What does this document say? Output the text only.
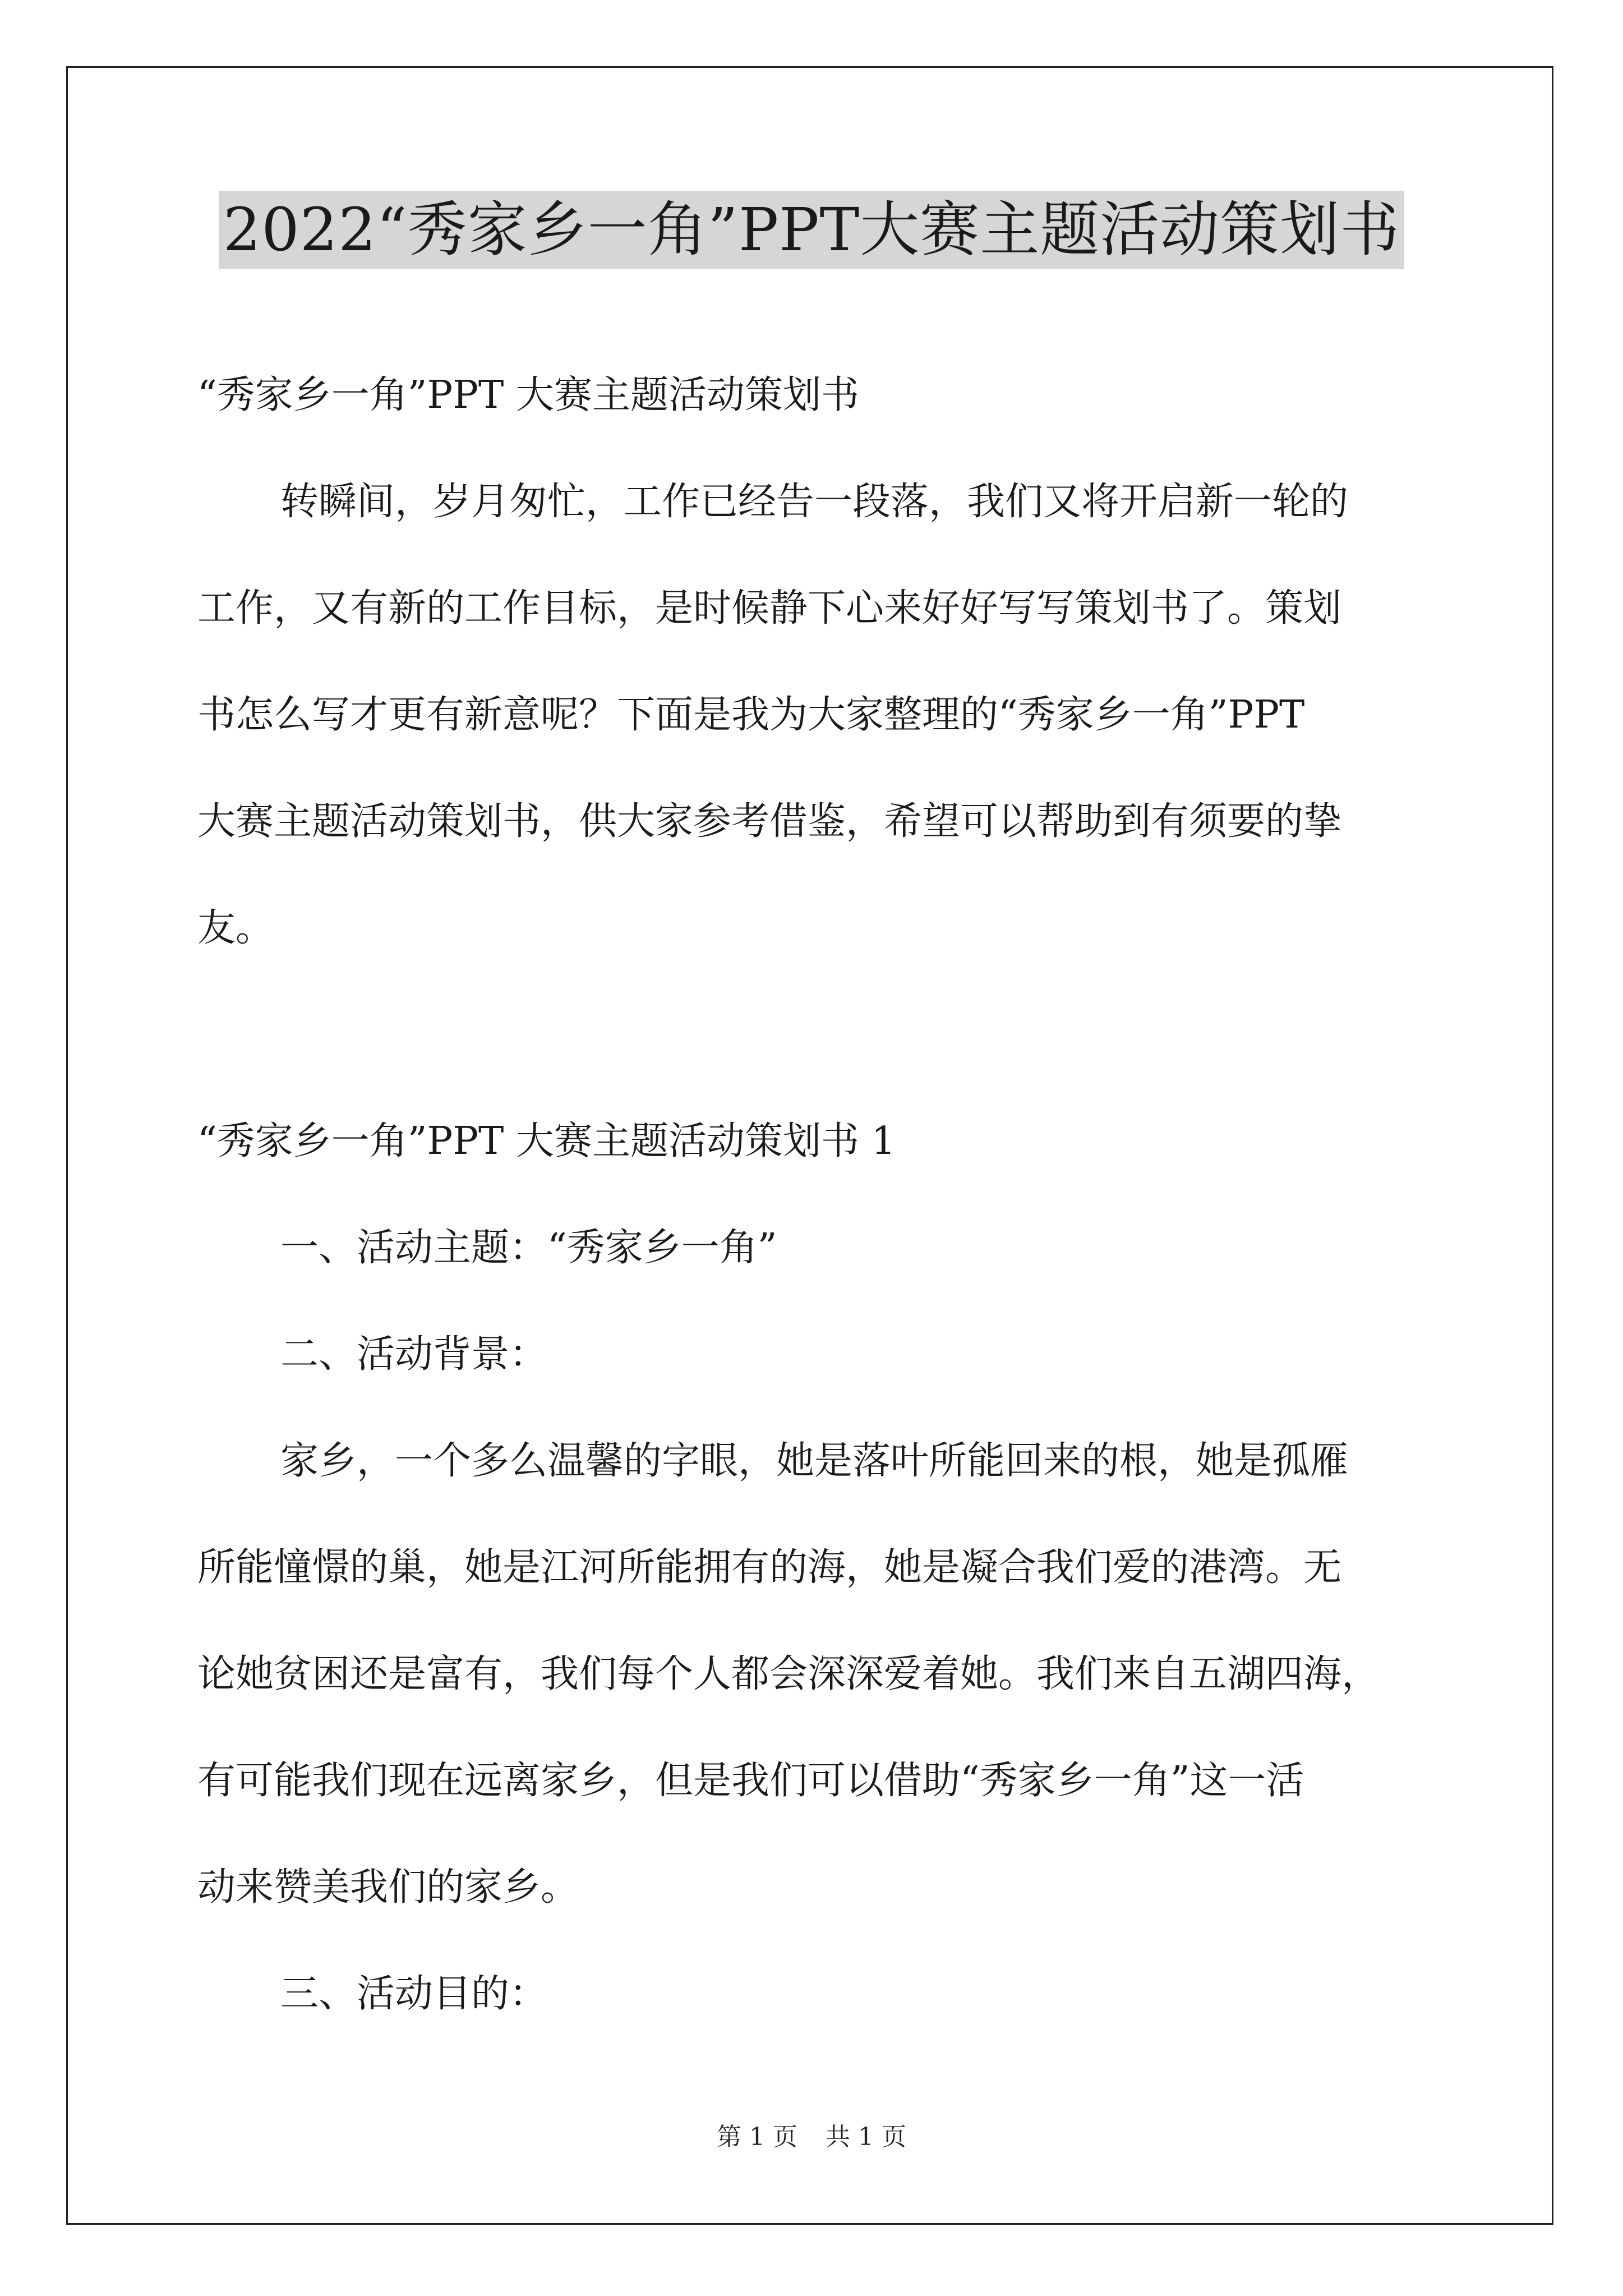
2022“秀家乡一角”PPT大赛主题活动策划书

“秀家乡一角”PPT 大赛主题活动策划书

转瞬间，岁月匆忙，工作已经告一段落，我们又将开启新一轮的

工作，又有新的工作目标，是时候静下心来好好写写策划书了。策划

书怎么写才更有新意呢？下面是我为大家整理的“秀家乡一角”PPT

大赛主题活动策划书，供大家参考借鉴，希望可以帮助到有须要的挚

友。

“秀家乡一角”PPT 大赛主题活动策划书 1

一、活动主题：“秀家乡一角”

二、活动背景：

家乡，一个多么温馨的字眼，她是落叶所能回来的根，她是孤雁

所能憧憬的巢，她是江河所能拥有的海，她是凝合我们爱的港湾。无

论她贫困还是富有，我们每个人都会深深爱着她。我们来自五湖四海，

有可能我们现在远离家乡，但是我们可以借助“秀家乡一角”这一活

动来赞美我们的家乡。

三、活动目的：

第 1 页 共 1 页
